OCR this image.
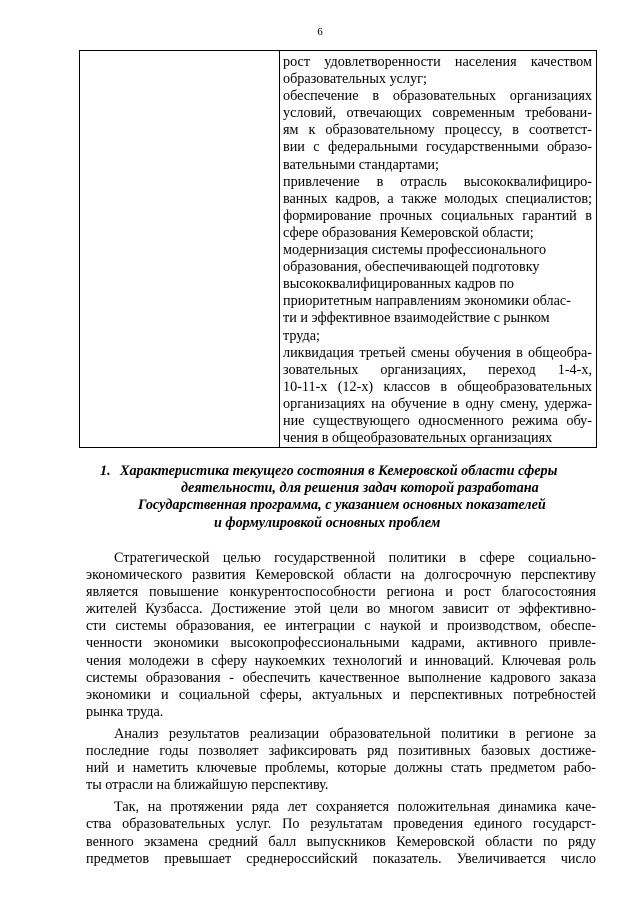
6
рост удовлетворенности населения качеством
образовательных услуг;
обеспечение в образовательных организациях
условий, отвечающих современным требовани-
ям к образовательному процессу, в соответст-
вии с федеральными государственными образо-
вательными стандартами;
привлечение в отрасль высококвалифициро-
ванных кадров, а также молодых специалистов;
формирование прочных социальных гарантий в
сфере образования Кемеровской области;
модернизация системы профессионального
образования, обеспечивающей подготовку
высококвалифицированных кадров по
приоритетным направлениям экономики облас-
ти и эффективное взаимодействие с рынком
труда;
ликвидация третьей смены обучения в общеобра-
зовательных организациях, переход 1-4-х,
10-11-х (12-х) классов в общеобразовательных
организациях на обучение в одну смену, удержа-
ние существующего односменного режима обу-
чения в общеобразовательных организациях
1. Характеристика текущего состояния в Кемеровской области сферы
деятельности, для решения задач которой разработана
Государственная программа, с указанием основных показателей
и формулировкой основных проблем
Стратегической целью государственной политики в сфере социально-
экономического развития Кемеровской области на долгосрочную перспективу
является повышение конкурентоспособности региона и рост благосостояния
жителей Кузбасса. Достижение этой цели во многом зависит от эффективно-
сти системы образования, ее интеграции с наукой и производством, обеспе-
ченности экономики высокопрофессиональными кадрами, активного привле-
чения молодежи в сферу наукоемких технологий и инноваций. Ключевая роль
системы образования - обеспечить качественное выполнение кадрового заказа
экономики и социальной сферы, актуальных и перспективных потребностей
рынка труда.
Анализ результатов реализации образовательной политики в регионе за
последние годы позволяет зафиксировать ряд позитивных базовых достиже-
ний и наметить ключевые проблемы, которые должны стать предметом рабо-
ты отрасли на ближайшую перспективу.
Так, на протяжении ряда лет сохраняется положительная динамика каче-
ства образовательных услуг. По результатам проведения единого государст-
венного экзамена средний балл выпускников Кемеровской области по ряду
предметов превышает среднероссийский показатель. Увеличивается число
